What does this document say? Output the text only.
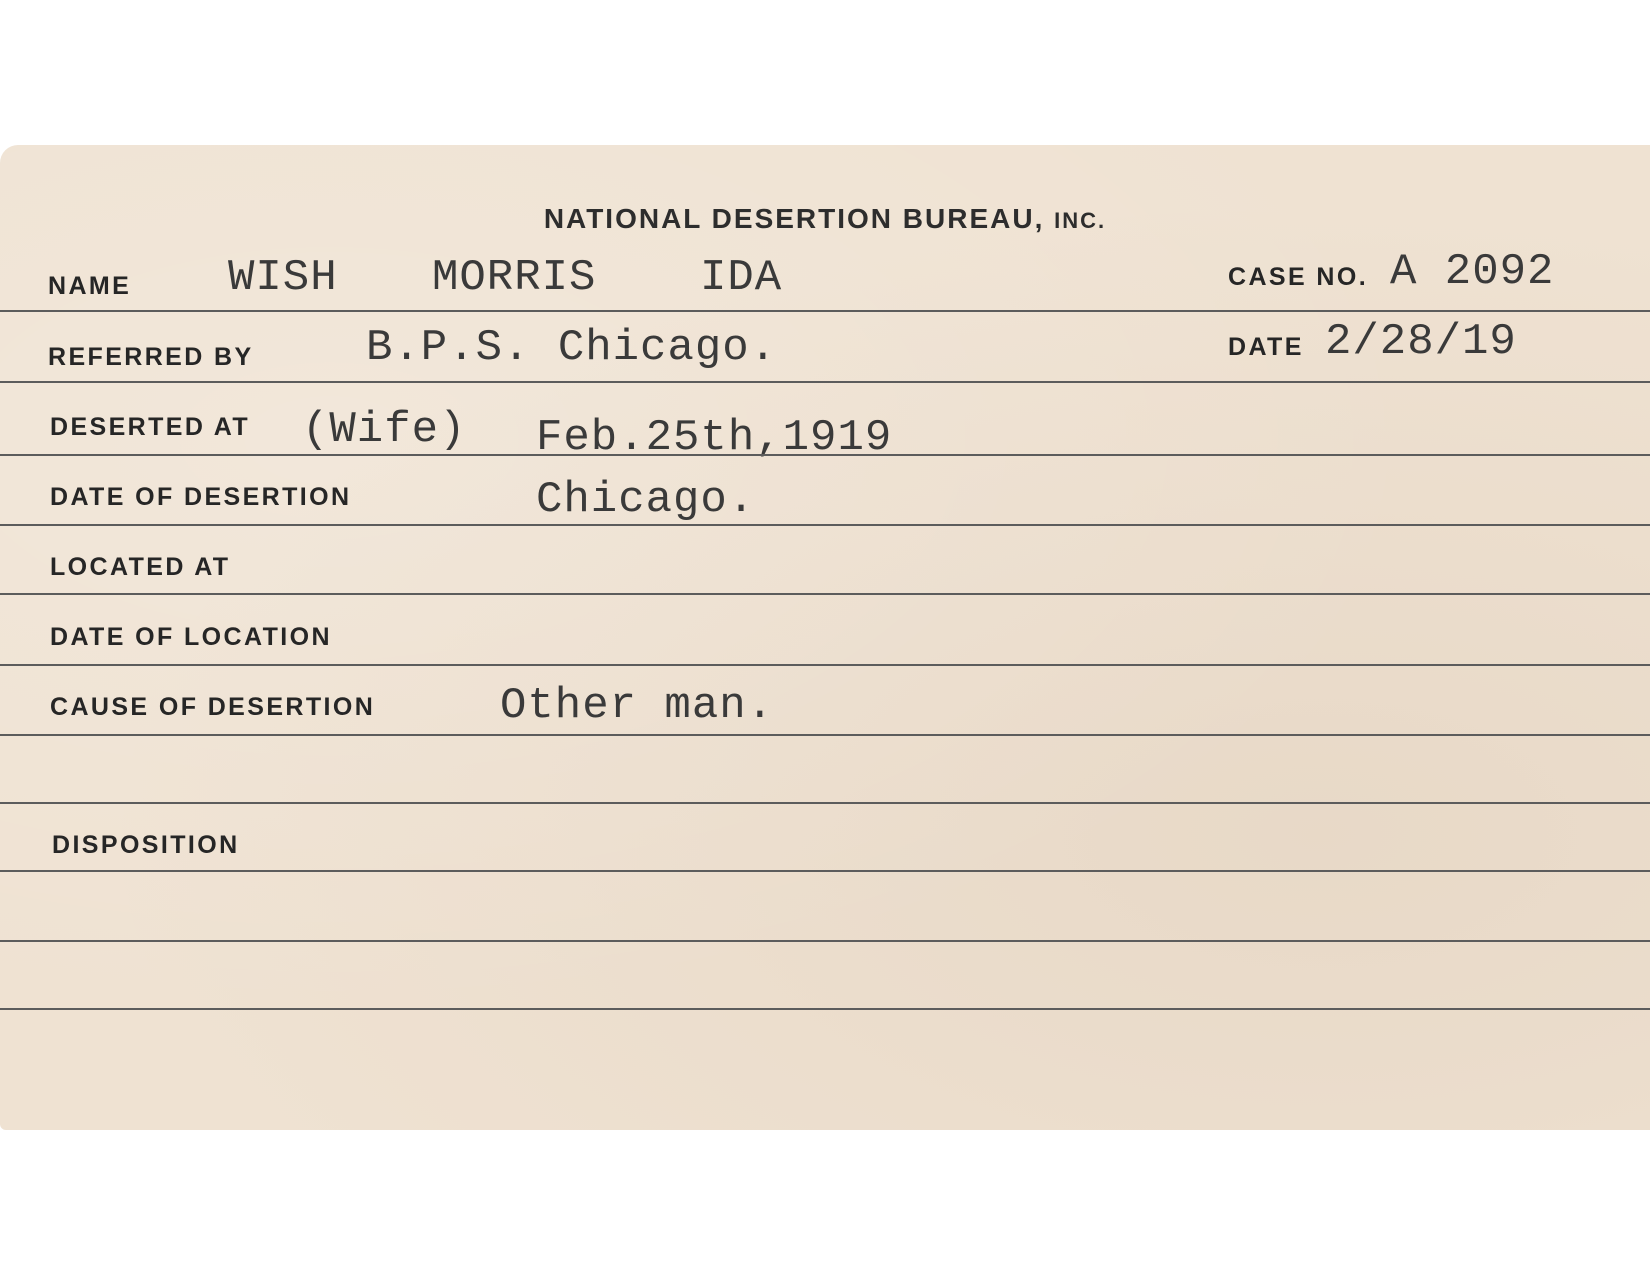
NATIONAL DESERTION BUREAU, INC.
NAME WISH MORRIS IDA	CASE NO. A 2092
REFERRED BY	B.P.S. Chicago.	DATE 2/28/19
DESERTED AT (Wife) Feb.25th,1919
DATE OF DESERTION	Chicago.
LOCATED AT
DATE OF LOCATION
CAUSE OF DESERTION	Other man.
DISPOSITION
